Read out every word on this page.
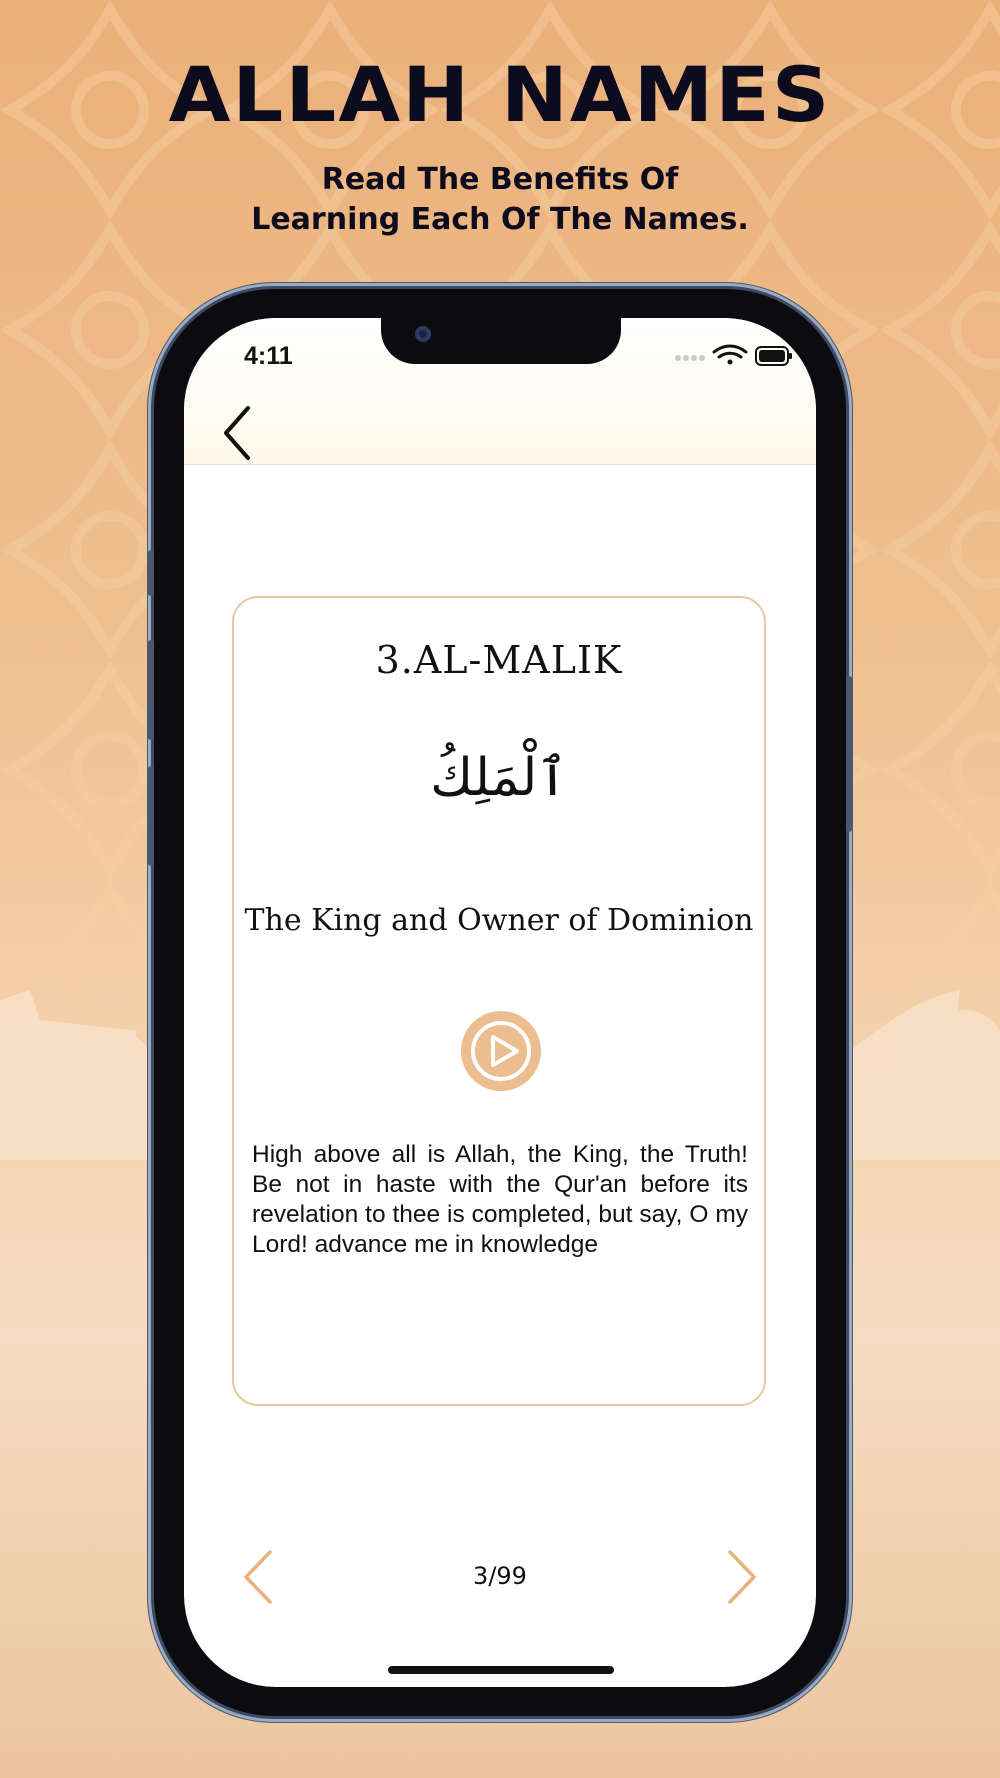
ALLAH NAMES
Read The Benefits Of
Learning Each Of The Names.
4:11
3.AL-MALIK
ٱلْمَلِكُ
The King and Owner of Dominion
High above all is Allah, the King, the Truth! Be not in haste with the Qur'an before its revelation to thee is completed, but say, O my Lord! advance me in knowledge
3/99
